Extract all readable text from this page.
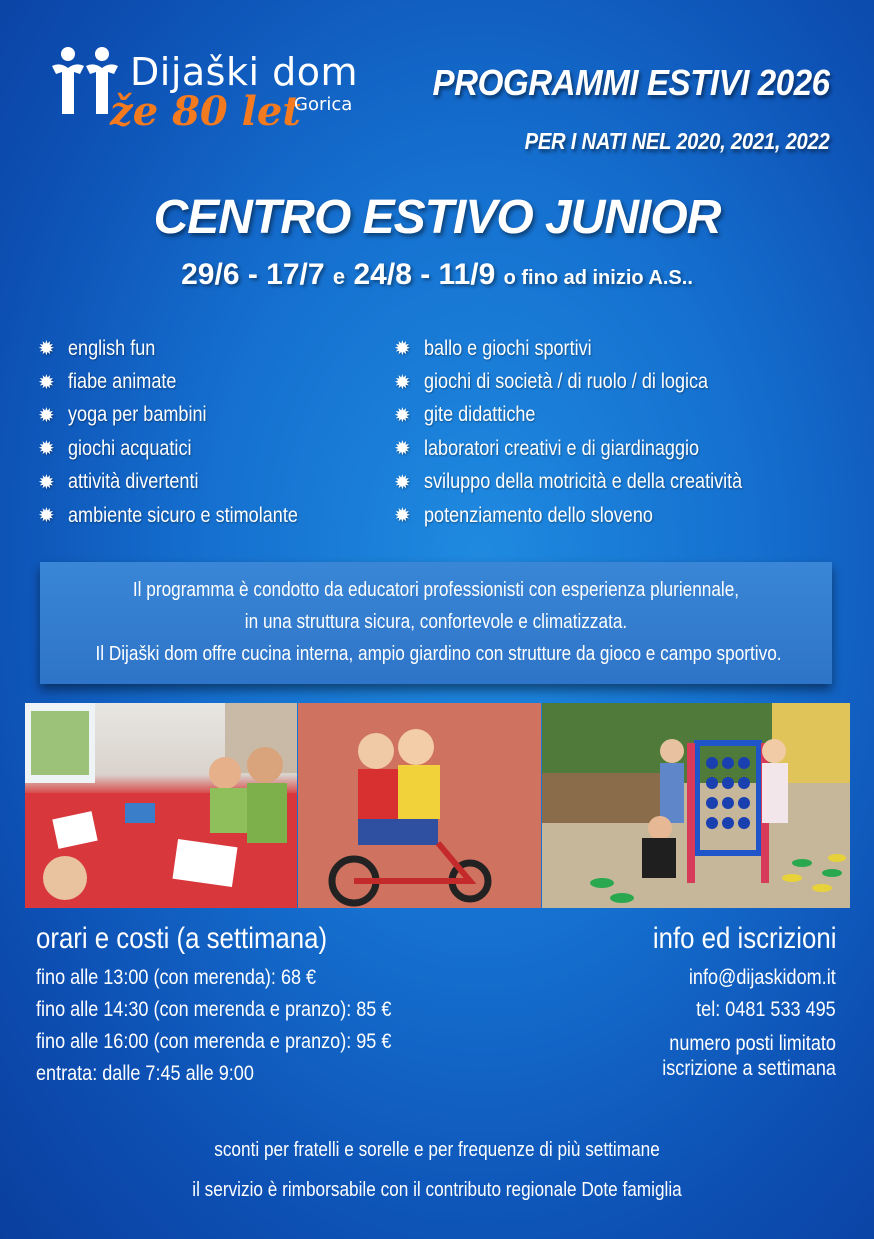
Dijaški dom
že 80 let
Gorica
PROGRAMMI ESTIVI 2026
PER I NATI NEL 2020, 2021, 2022
CENTRO ESTIVO JUNIOR
29/6 - 17/7 e 24/8 - 11/9 o fino ad inizio A.S..
✹ english fun
✹ fiabe animate
✹ yoga per bambini
✹ giochi acquatici
✹ attività divertenti
✹ ambiente sicuro e stimolante
✹ ballo e giochi sportivi
✹ giochi di società / di ruolo / di logica
✹ gite didattiche
✹ laboratori creativi e di giardinaggio
✹ sviluppo della motricità e della creatività
✹ potenziamento dello sloveno
Il programma è condotto da educatori professionisti con esperienza pluriennale,
in una struttura sicura, confortevole e climatizzata.
Il Dijaški dom offre cucina interna, ampio giardino con strutture da gioco e campo sportivo.
orari e costi (a settimana)
fino alle 13:00 (con merenda): 68 €
fino alle 14:30 (con merenda e pranzo): 85 €
fino alle 16:00 (con merenda e pranzo): 95 €
entrata: dalle 7:45 alle 9:00
info ed iscrizioni
info@dijaskidom.it
tel: 0481 533 495
numero posti limitato
iscrizione a settimana
sconti per fratelli e sorelle e per frequenze di più settimane
il servizio è rimborsabile con il contributo regionale Dote famiglia
